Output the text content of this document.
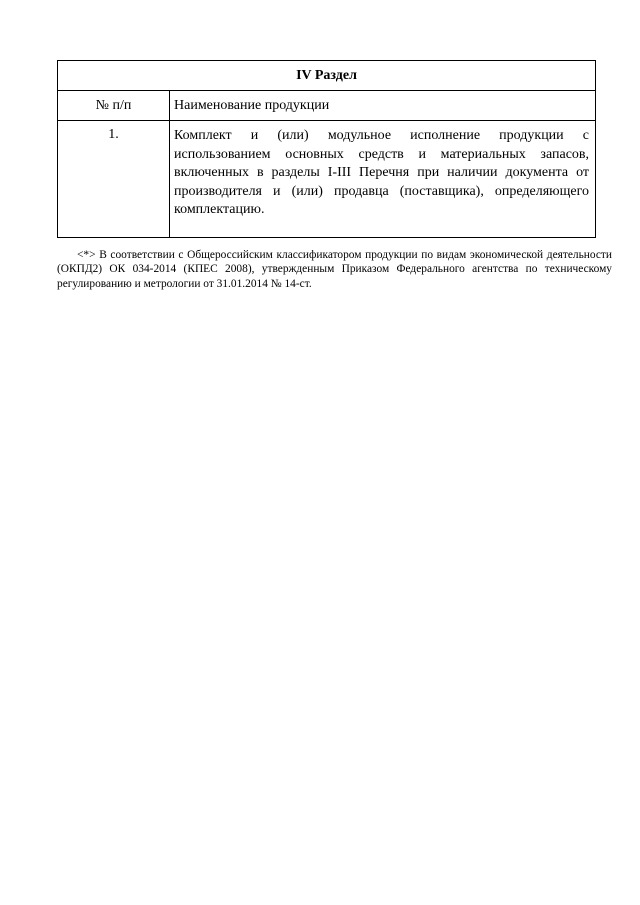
IV Раздел	
№ п/п	Наименование продукции
1.	Комплект и (или) модульное исполнение продукции с использованием основных средств и материальных запасов, включенных в разделы I-III Перечня при наличии документа от производителя и (или) продавца (поставщика), определяющего комплектацию.

<*> В соответствии с Общероссийским классификатором продукции по видам экономической деятельности (ОКПД2) ОК 034-2014 (КПЕС 2008), утвержденным Приказом Федерального агентства по техническому регулированию и метрологии от 31.01.2014 № 14-ст.
